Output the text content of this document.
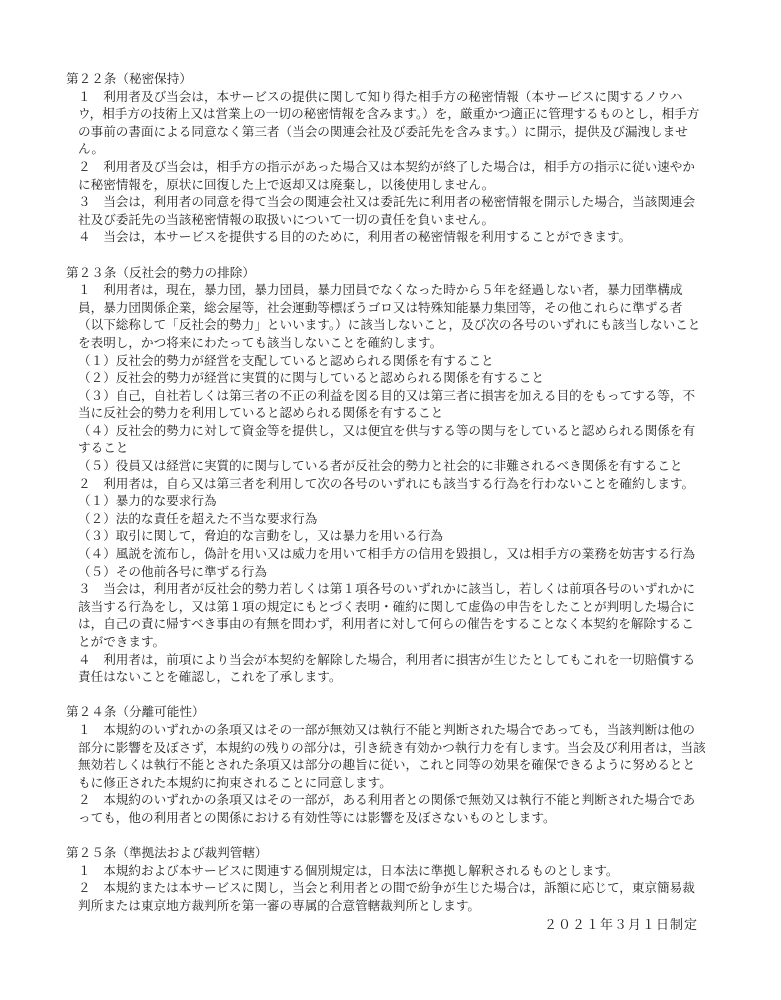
第２２条（秘密保持）

１　利用者及び当会は，本サービスの提供に関して知り得た相手方の秘密情報（本サービスに関するノウハウ，相手方の技術上又は営業上の一切の秘密情報を含みます。）を，厳重かつ適正に管理するものとし，相手方の事前の書面による同意なく第三者（当会の関連会社及び委託先を含みます。）に開示，提供及び漏洩しません。

２　利用者及び当会は，相手方の指示があった場合又は本契約が終了した場合は，相手方の指示に従い速やかに秘密情報を，原状に回復した上で返却又は廃棄し，以後使用しません。

３　当会は，利用者の同意を得て当会の関連会社又は委託先に利用者の秘密情報を開示した場合，当該関連会社及び委託先の当該秘密情報の取扱いについて一切の責任を負いません。

４　当会は，本サービスを提供する目的のために，利用者の秘密情報を利用することができます。

第２３条（反社会的勢力の排除）

１　利用者は，現在，暴力団，暴力団員，暴力団員でなくなった時から５年を経過しない者，暴力団準構成員，暴力団関係企業，総会屋等，社会運動等標ぼうゴロ又は特殊知能暴力集団等，その他これらに準ずる者（以下総称して「反社会的勢力」といいます。）に該当しないこと，及び次の各号のいずれにも該当しないことを表明し，かつ将来にわたっても該当しないことを確約します。

（１）反社会的勢力が経営を支配していると認められる関係を有すること

（２）反社会的勢力が経営に実質的に関与していると認められる関係を有すること

（３）自己，自社若しくは第三者の不正の利益を図る目的又は第三者に損害を加える目的をもってする等，不当に反社会的勢力を利用していると認められる関係を有すること

（４）反社会的勢力に対して資金等を提供し，又は便宜を供与する等の関与をしていると認められる関係を有すること

（５）役員又は経営に実質的に関与している者が反社会的勢力と社会的に非難されるべき関係を有すること

２　利用者は，自ら又は第三者を利用して次の各号のいずれにも該当する行為を行わないことを確約します。

（１）暴力的な要求行為

（２）法的な責任を超えた不当な要求行為

（３）取引に関して，脅迫的な言動をし，又は暴力を用いる行為

（４）風説を流布し，偽計を用い又は威力を用いて相手方の信用を毀損し，又は相手方の業務を妨害する行為

（５）その他前各号に準ずる行為

３　当会は，利用者が反社会的勢力若しくは第１項各号のいずれかに該当し，若しくは前項各号のいずれかに該当する行為をし，又は第１項の規定にもとづく表明・確約に関して虚偽の申告をしたことが判明した場合には，自己の責に帰すべき事由の有無を問わず，利用者に対して何らの催告をすることなく本契約を解除することができます。

４　利用者は，前項により当会が本契約を解除した場合，利用者に損害が生じたとしてもこれを一切賠償する責任はないことを確認し，これを了承します。

第２４条（分離可能性）

１　本規約のいずれかの条項又はその一部が無効又は執行不能と判断された場合であっても，当該判断は他の部分に影響を及ぼさず，本規約の残りの部分は，引き続き有効かつ執行力を有します。当会及び利用者は，当該無効若しくは執行不能とされた条項又は部分の趣旨に従い，これと同等の効果を確保できるように努めるとともに修正された本規約に拘束されることに同意します。

２　本規約のいずれかの条項又はその一部が，ある利用者との関係で無効又は執行不能と判断された場合であっても，他の利用者との関係における有効性等には影響を及ぼさないものとします。

第２５条（準拠法および裁判管轄）

１　本規約および本サービスに関連する個別規定は，日本法に準拠し解釈されるものとします。

２　本規約または本サービスに関し，当会と利用者との間で紛争が生じた場合は，訴額に応じて，東京簡易裁判所または東京地方裁判所を第一審の専属的合意管轄裁判所とします。

２０２１年３月１日制定
